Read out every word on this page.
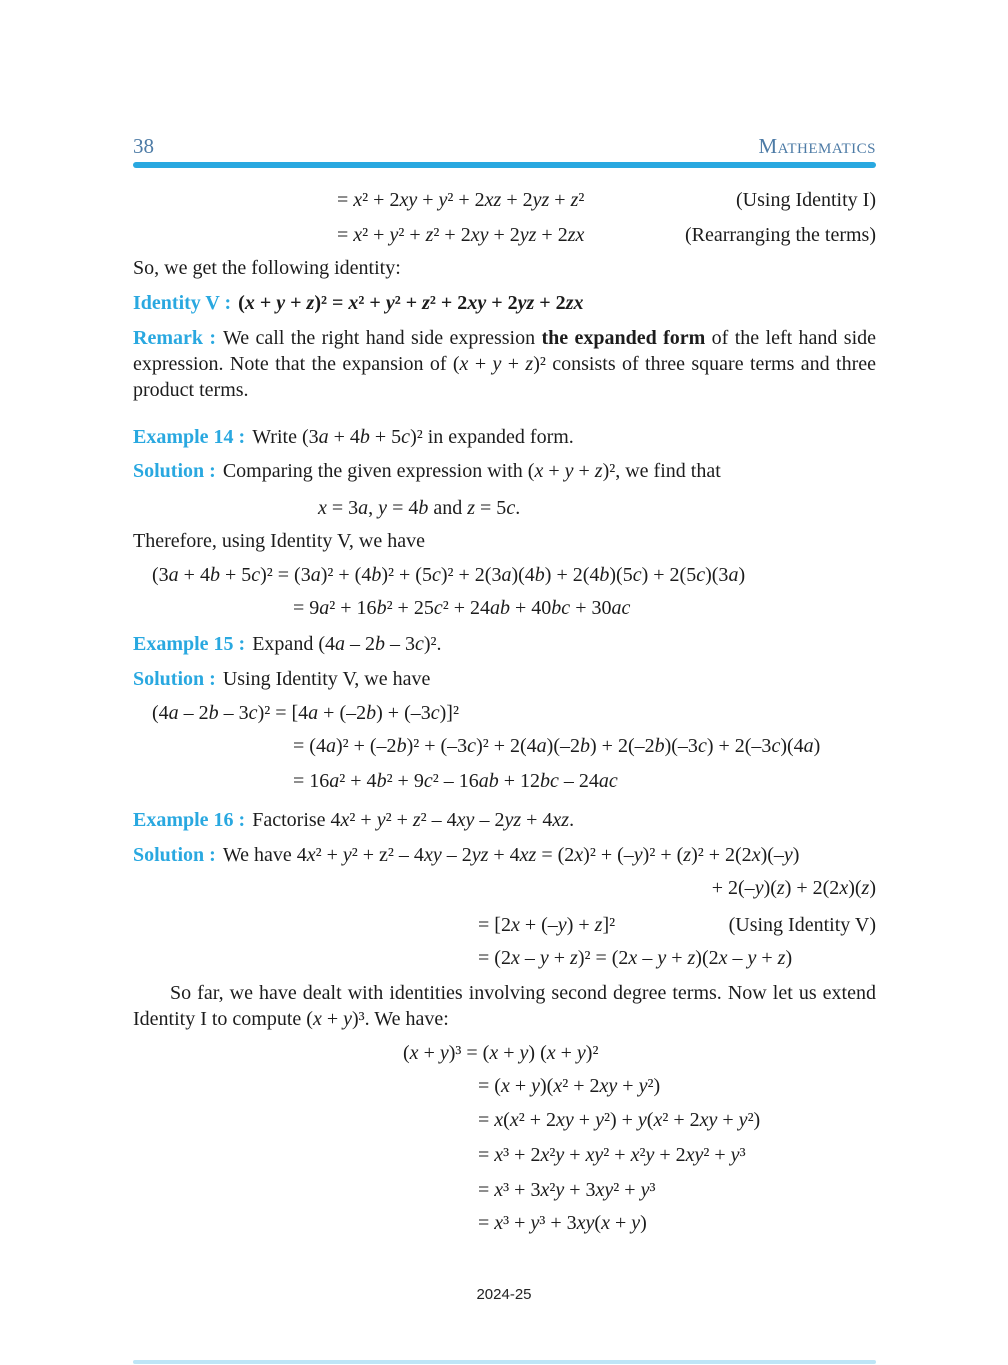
38	Mathematics
= x² + 2xy + y² + 2xz + 2yz + z²	(Using Identity I)
= x² + y² + z² + 2xy + 2yz + 2zx	(Rearranging the terms)
So, we get the following identity:
Identity V : (x + y + z)² = x² + y² + z² + 2xy + 2yz + 2zx

Remark : We call the right hand side expression the expanded form of the left hand side expression. Note that the expansion of (x + y + z)² consists of three square terms and three product terms.

Example 14 : Write (3a + 4b + 5c)² in expanded form.
Solution : Comparing the given expression with (x + y + z)², we find that
x = 3a, y = 4b and z = 5c.
Therefore, using Identity V, we have
(3a + 4b + 5c)² = (3a)² + (4b)² + (5c)² + 2(3a)(4b) + 2(4b)(5c) + 2(5c)(3a)
= 9a² + 16b² + 25c² + 24ab + 40bc + 30ac
Example 15 : Expand (4a – 2b – 3c)².
Solution : Using Identity V, we have
(4a – 2b – 3c)² = [4a + (–2b) + (–3c)]²
= (4a)² + (–2b)² + (–3c)² + 2(4a)(–2b) + 2(–2b)(–3c) + 2(–3c)(4a)
= 16a² + 4b² + 9c² – 16ab + 12bc – 24ac
Example 16 : Factorise 4x² + y² + z² – 4xy – 2yz + 4xz.
Solution : We have 4x² + y² + z² – 4xy – 2yz + 4xz = (2x)² + (–y)² + (z)² + 2(2x)(–y)
+ 2(–y)(z) + 2(2x)(z)
= [2x + (–y) + z]²	(Using Identity V)
= (2x – y + z)² = (2x – y + z)(2x – y + z)

So far, we have dealt with identities involving second degree terms. Now let us extend Identity I to compute (x + y)³. We have:

(x + y)³ = (x + y) (x + y)²
= (x + y)(x² + 2xy + y²)
= x(x² + 2xy + y²) + y(x² + 2xy + y²)
= x³ + 2x²y + xy² + x²y + 2xy² + y³
= x³ + 3x²y + 3xy² + y³
= x³ + y³ + 3xy(x + y)
2024-25
